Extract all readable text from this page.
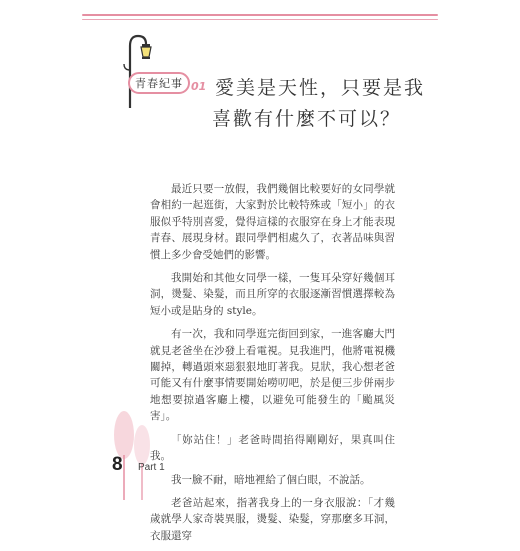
青春紀事 01 愛美是天性，只要是我
喜歡有什麼不可以？

最近只要一放假，我們幾個比較要好的女同學就會相約一起逛街，大家對於比較特殊或「短小」的衣服似乎特別喜愛，覺得這樣的衣服穿在身上才能表現青春、展現身材。跟同學們相處久了，衣著品味與習慣上多少會受她們的影響。

我開始和其他女同學一樣，一隻耳朵穿好幾個耳洞，燙髮、染髮，而且所穿的衣服逐漸習慣選擇較為短小或是貼身的 style。

有一次，我和同學逛完街回到家，一進客廳大門就見老爸坐在沙發上看電視。見我進門，他將電視機關掉，轉過頭來惡狠狠地盯著我。見狀，我心想老爸可能又有什麼事情要開始嘮叨吧，於是便三步併兩步地想要掠過客廳上樓，以避免可能發生的「颱風災害」。

「妳站住！」老爸時間掐得剛剛好，果真叫住我。

我一臉不耐，暗地裡給了個白眼，不說話。

老爸站起來，指著我身上的一身衣服說：「才幾歲就學人家奇裝異服，燙髮、染髮，穿那麼多耳洞，衣服還穿

8 Part 1
